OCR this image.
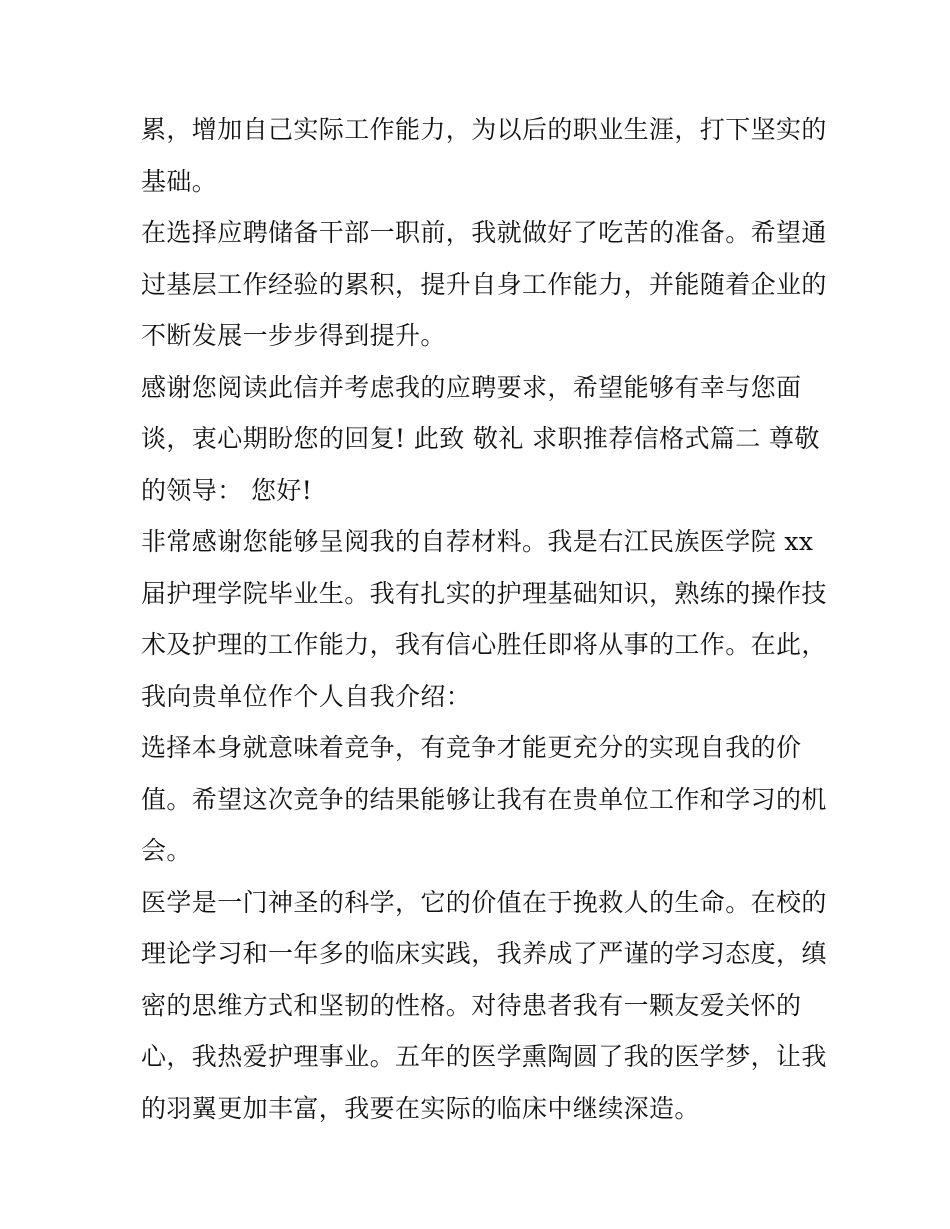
累，增加自己实际工作能力，为以后的职业生涯，打下坚实的
基础。
在选择应聘储备干部一职前，我就做好了吃苦的准备。希望通
过基层工作经验的累积，提升自身工作能力，并能随着企业的
不断发展一步步得到提升。
感谢您阅读此信并考虑我的应聘要求，希望能够有幸与您面
谈，衷心期盼您的回复! 此致 敬礼 求职推荐信格式篇二 尊敬
的领导： 您好!
非常感谢您能够呈阅我的自荐材料。我是右江民族医学院 xx
届护理学院毕业生。我有扎实的护理基础知识，熟练的操作技
术及护理的工作能力，我有信心胜任即将从事的工作。在此，
我向贵单位作个人自我介绍：
选择本身就意味着竞争，有竞争才能更充分的实现自我的价
值。希望这次竞争的结果能够让我有在贵单位工作和学习的机
会。
医学是一门神圣的科学，它的价值在于挽救人的生命。在校的
理论学习和一年多的临床实践，我养成了严谨的学习态度，缜
密的思维方式和坚韧的性格。对待患者我有一颗友爱关怀的
心，我热爱护理事业。五年的医学熏陶圆了我的医学梦，让我
的羽翼更加丰富，我要在实际的临床中继续深造。
